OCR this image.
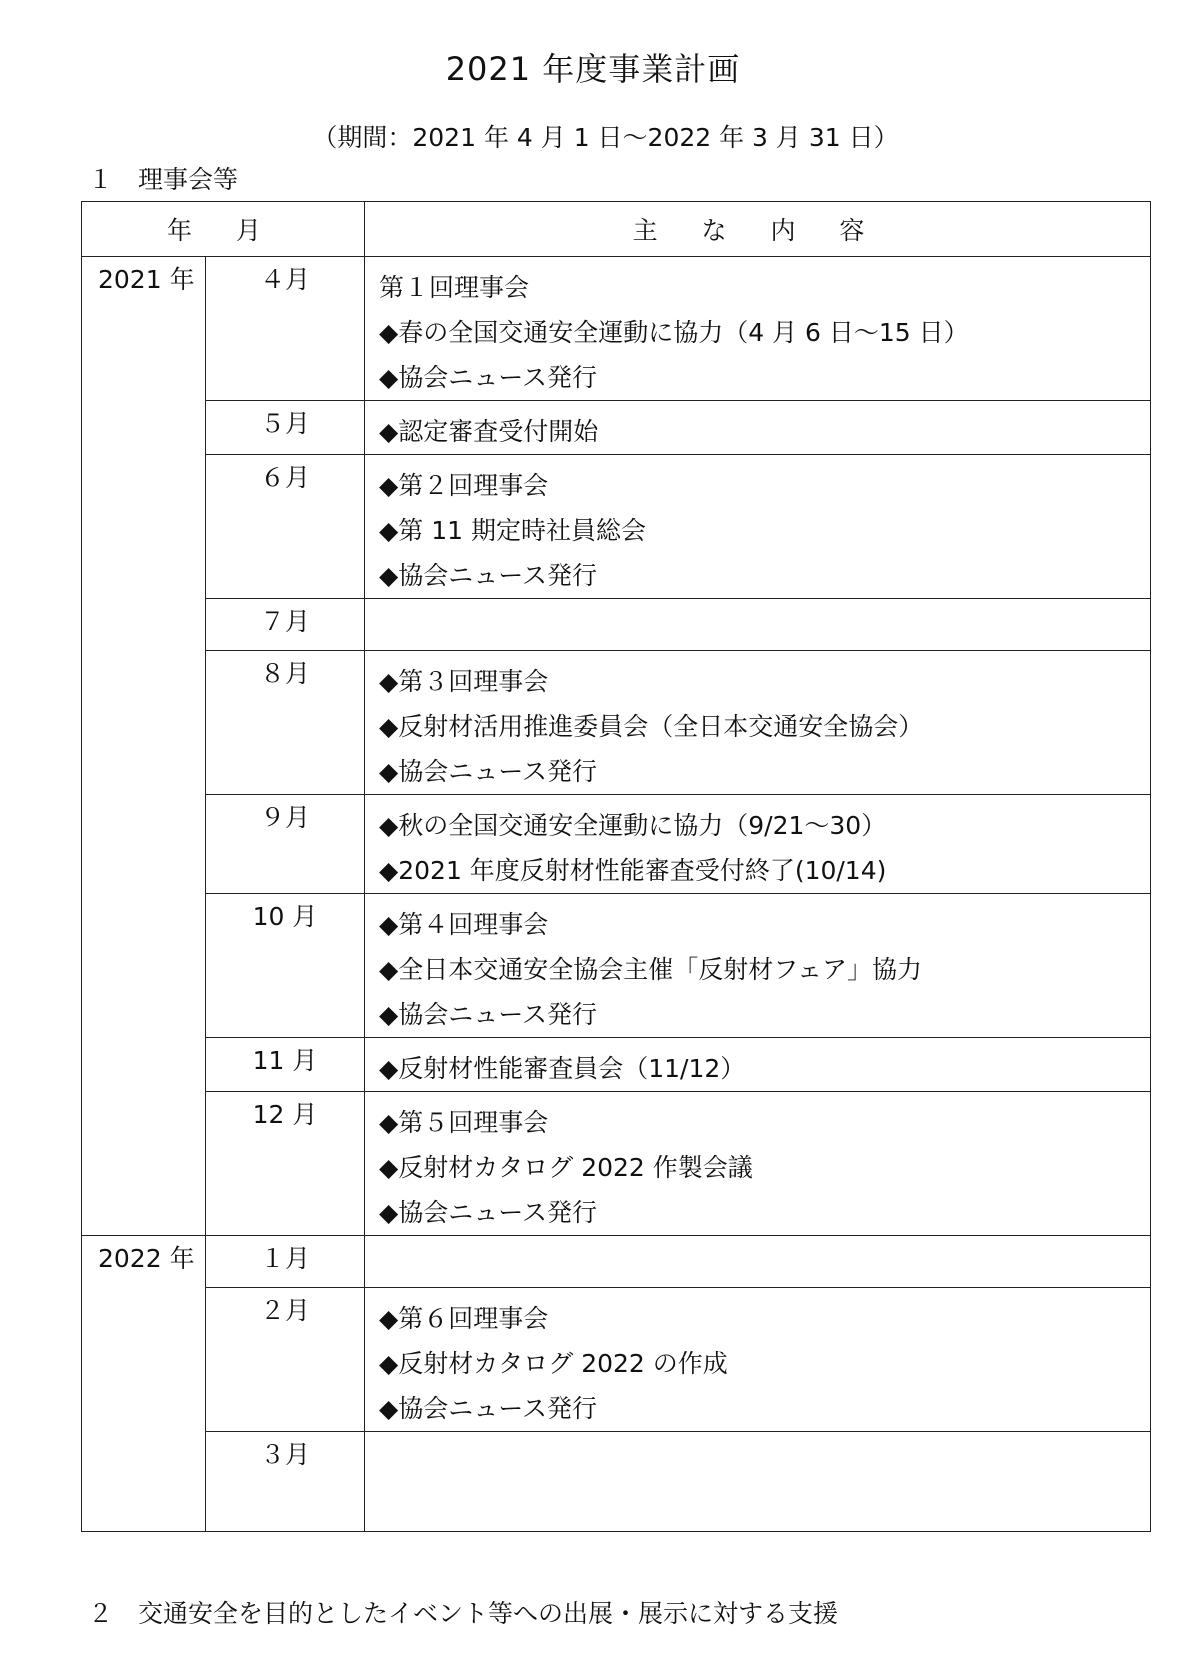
2021 年度事業計画
（期間：2021 年 4 月 1 日～2022 年 3 月 31 日）
１ 理事会等
年 月		主 な 内 容
2021 年	４月	第１回理事会
◆春の全国交通安全運動に協力（4 月 6 日～15 日）
◆協会ニュース発行

	５月	◆認定審査受付開始

	６月	◆第２回理事会
◆第 11 期定時社員総会
◆協会ニュース発行

	７月	
	８月	◆第３回理事会
◆反射材活用推進委員会（全日本交通安全協会）
◆協会ニュース発行

	９月	◆秋の全国交通安全運動に協力（9/21～30）
◆2021 年度反射材性能審査受付終了(10/14)

	10 月	◆第４回理事会
◆全日本交通安全協会主催「反射材フェア」協力
◆協会ニュース発行

	11 月	◆反射材性能審査員会（11/12）

	12 月	◆第５回理事会
◆反射材カタログ 2022 作製会議
◆協会ニュース発行

2022 年	１月	
	２月	◆第６回理事会
◆反射材カタログ 2022 の作成
◆協会ニュース発行

	３月	
２ 交通安全を目的としたイベント等への出展・展示に対する支援
